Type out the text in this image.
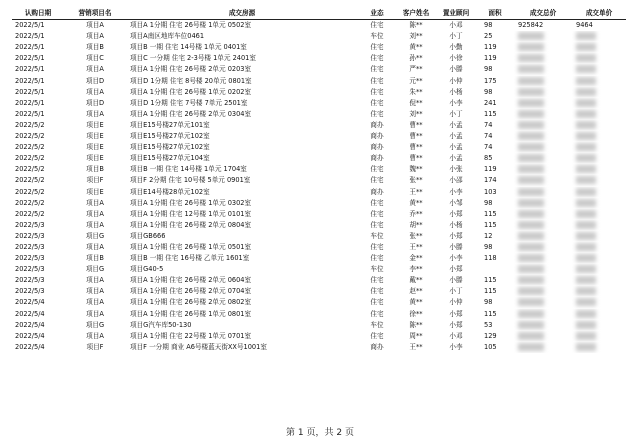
认购日期	营销项目名	成交房源	业态	客户姓名	置业顾问	面积	成交总价	成交单价
2022/5/1	项目A	项目A 1分期 住宅 26号楼 1单元 0502室	住宅	陈**	小邓	98	925842	9464
2022/5/1	项目A	项目A南区地库车位0461	车位	刘**	小丁	25		
2022/5/1	项目B	项目B 一期 住宅 14号楼 1单元 0401室	住宅	黄**	小勤	119		
2022/5/1	项目C	项目C 一分期 住宅 2-3号楼 1单元 2401室	住宅	孙**	小徐	119		
2022/5/1	项目A	项目A 1分期 住宅 26号楼 2单元 0203室	住宅	严**	小滕	98		
2022/5/1	项目D	项目D 1分期 住宅 8号楼 20单元 0801室	住宅	元**	小仲	175		
2022/5/1	项目A	项目A 1分期 住宅 26号楼 1单元 0202室	住宅	朱**	小杨	98		
2022/5/1	项目D	项目D 1分期 住宅 7号楼 7单元 2501室	住宅	倪**	小李	241		
2022/5/1	项目A	项目A 1分期 住宅 26号楼 2单元 0304室	住宅	刘**	小丁	115		
2022/5/2	项目E	项目E15号楼27单元101室	商办	曹**	小孟	74		
2022/5/2	项目E	项目E15号楼27单元102室	商办	曹**	小孟	74		
2022/5/2	项目E	项目E15号楼27单元102室	商办	曹**	小孟	74		
2022/5/2	项目E	项目E15号楼27单元104室	商办	曹**	小孟	85		
2022/5/2	项目B	项目B 一期 住宅 14号楼 1单元 1704室	住宅	魏**	小张	119		
2022/5/2	项目F	项目F 2分期 住宅 10号楼 5单元 0901室	住宅	张**	小邵	174		
2022/5/2	项目E	项目E14号楼28单元102室	商办	王**	小李	103		
2022/5/2	项目A	项目A 1分期 住宅 26号楼 1单元 0302室	住宅	黄**	小邹	98		
2022/5/2	项目A	项目A 1分期 住宅 12号楼 1单元 0101室	住宅	乔**	小郑	115		
2022/5/3	项目A	项目A 1分期 住宅 26号楼 2单元 0804室	住宅	胡**	小杨	115		
2022/5/3	项目G	项目GB666	车位	张**	小郑	12		
2022/5/3	项目A	项目A 1分期 住宅 26号楼 1单元 0501室	住宅	王**	小滕	98		
2022/5/3	项目B	项目B 一期 住宅 16号楼 乙单元 1601室	住宅	金**	小李	118		
2022/5/3	项目G	项目G40-5	车位	李**	小郑			
2022/5/3	项目A	项目A 1分期 住宅 26号楼 2单元 0604室	住宅	戴**	小滕	115		
2022/5/3	项目A	项目A 1分期 住宅 26号楼 2单元 0704室	住宅	赵**	小丁	115		
2022/5/4	项目A	项目A 1分期 住宅 26号楼 2单元 0802室	住宅	黄**	小仲	98		
2022/5/4	项目A	项目A 1分期 住宅 26号楼 1单元 0801室	住宅	徐**	小郑	115		
2022/5/4	项目G	项目G汽车库50-130	车位	陈**	小郑	53		
2022/5/4	项目A	项目A 1分期 住宅 22号楼 1单元 0701室	住宅	周**	小邓	129		
2022/5/4	项目F	项目F 一分期 商业 A6号楼蓝天街XX号1001室	商办	王**	小李	105		
第 1 页，共 2 页
